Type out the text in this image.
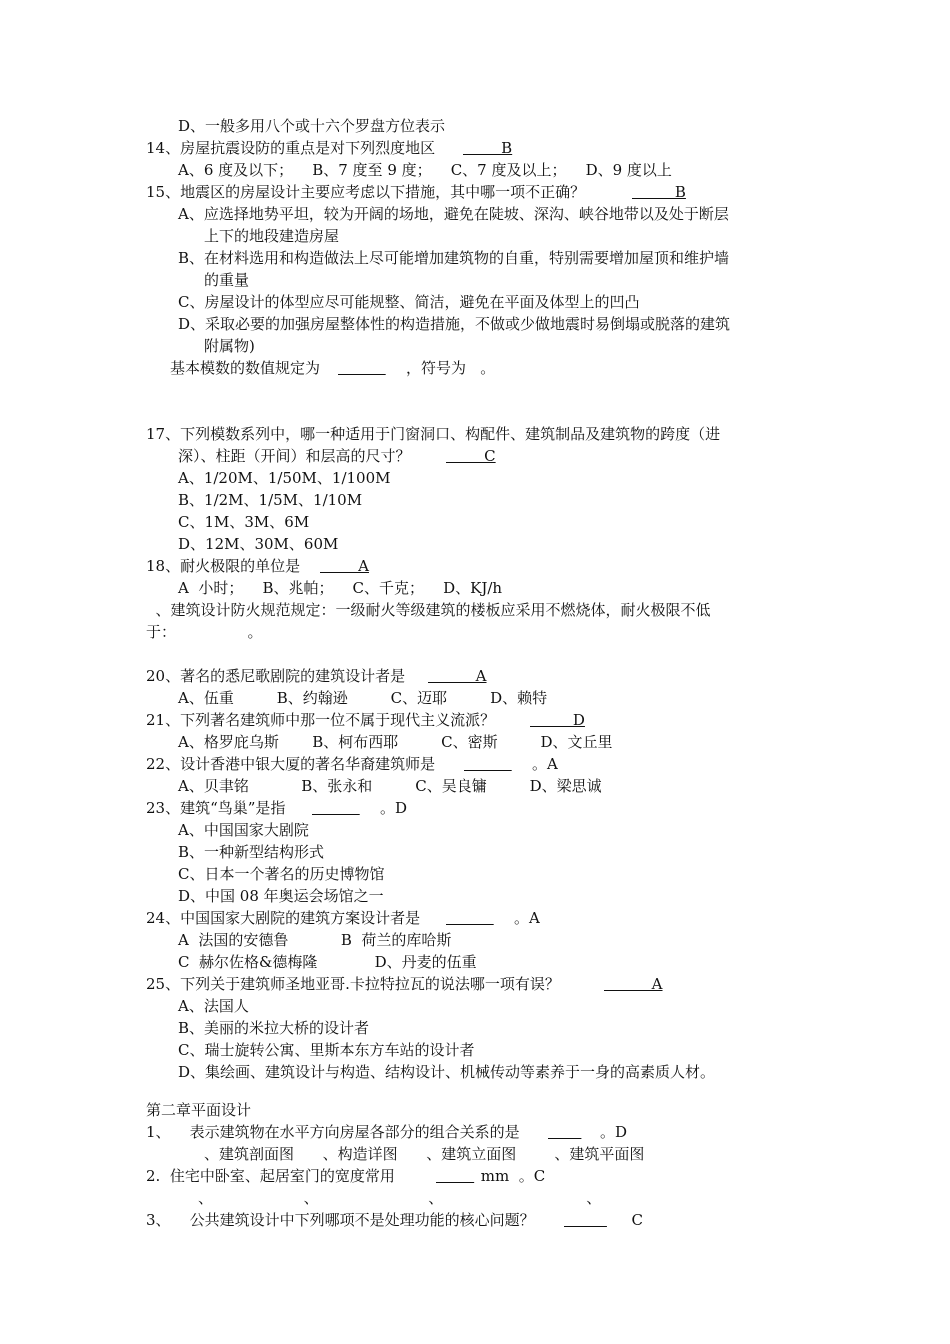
D、一般多用八个或十六个罗盘方位表示
14、房屋抗震设防的重点是对下列烈度地区 B
A、6 度及以下；    B、7 度至 9 度；    C、7 度及以上；    D、9 度以上
15、地震区的房屋设计主要应考虑以下措施，其中哪一项不正确？	B
A、应选择地势平坦，较为开阔的场地，避免在陡坡、深沟、峡谷地带以及处于断层
上下的地段建造房屋
B、在材料选用和构造做法上尽可能增加建筑物的自重，特别需要增加屋顶和维护墙
的重量
C、房屋设计的体型应尽可能规整、简洁，避免在平面及体型上的凹凸
D、采取必要的加强房屋整体性的构造措施，不做或少做地震时易倒塌或脱落的建筑
附属物)
基本模数的数值规定为
	，符号为   。
17、下列模数系列中，哪一种适用于门窗洞口、构配件、建筑制品及建筑物的跨度（进
深）、柱距（开间）和层高的尺寸？ C
A、1/20M、1/50M、1/100M
B、1/2M、1/5M、1/10M
C、1M、3M、6M
D、12M、30M、60M
18、耐火极限的单位是 A
A  小时；    B、兆帕；    C、千克；    D、KJ/h
、建筑设计防火规范规定：一级耐火等级建筑的楼板应采用不燃烧体，耐火极限不低
于：               。
20、著名的悉尼歌剧院的建筑设计者是 A
A、伍重         B、约翰逊         C、迈耶         D、赖特
21、下列著名建筑师中那一位不属于现代主义流派？ D
A、格罗庇乌斯       B、柯布西耶         C、密斯         D、文丘里
22、设计香港中银大厦的著名华裔建筑师是
	。A
A、贝聿铭           B、张永和         C、吴良镛         D、梁思诚
23、建筑“鸟巢”是指
	。D
A、中国国家大剧院
B、一种新型结构形式
C、日本一个著名的历史博物馆
D、中国 08 年奥运会场馆之一
24、中国国家大剧院的建筑方案设计者是
	。A
A  法国的安德鲁           B  荷兰的库哈斯
C  赫尔佐格&德梅隆            D、丹麦的伍重
25、下列关于建筑师圣地亚哥.卡拉特拉瓦的说法哪一项有误？	A
A、法国人
B、美丽的米拉大桥的设计者
C、瑞士旋转公寓、里斯本东方车站的设计者
D、集绘画、建筑设计与构造、结构设计、机械传动等素养于一身的高素质人材。
第二章平面设计
1、    表示建筑物在水平方向房屋各部分的组合关系的是
	。D
、建筑剖面图      、构造详图      、建筑立面图        、建筑平面图
2.  住宅中卧室、起居室门的宽度常用
	mm  。C
、                   、                       、                              、
3、    公共建筑设计中下列哪项不是处理功能的核心问题？
	C
